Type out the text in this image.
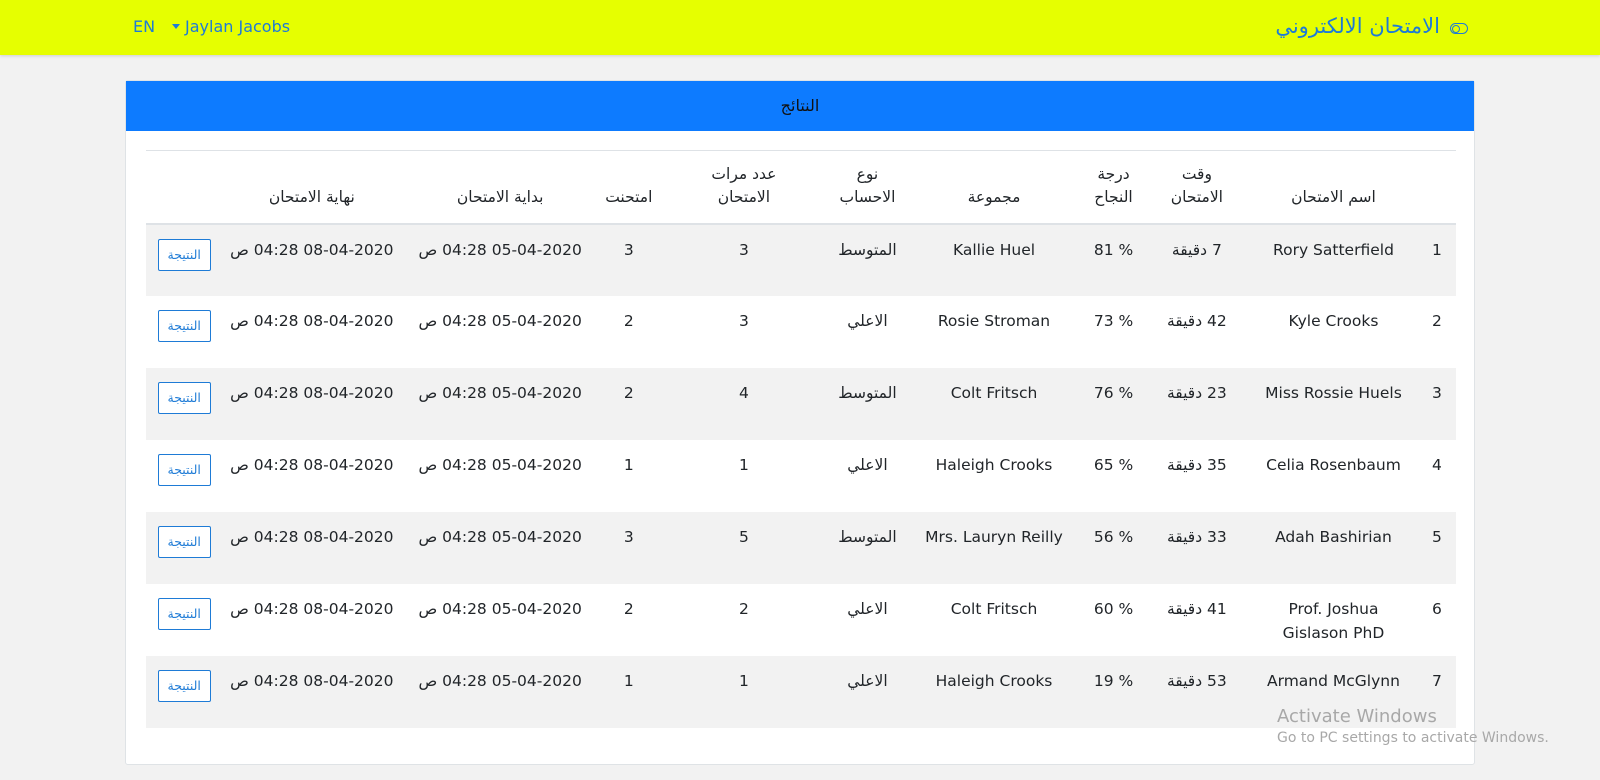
EN Jaylan Jacobs	الامتحان الالكتروني
النتائج
	اسم الامتحان	وقت الامتحان	درجة النجاح	مجموعة	نوع الاحساب	عدد مرات الامتحان	امتحنت	بداية الامتحان	نهاية الامتحان	
1	Rory Satterfield	7 دقيقة	% 81	Kallie Huel	المتوسط	3	3	05-04-2020 04:28 ص	08-04-2020 04:28 ص	النتيجة
2	Kyle Crooks	42 دقيقة	% 73	Rosie Stroman	الاعلي	3	2	05-04-2020 04:28 ص	08-04-2020 04:28 ص	النتيجة
3	Miss Rossie Huels	23 دقيقة	% 76	Colt Fritsch	المتوسط	4	2	05-04-2020 04:28 ص	08-04-2020 04:28 ص	النتيجة
4	Celia Rosenbaum	35 دقيقة	% 65	Haleigh Crooks	الاعلي	1	1	05-04-2020 04:28 ص	08-04-2020 04:28 ص	النتيجة
5	Adah Bashirian	33 دقيقة	% 56	Mrs. Lauryn Reilly	المتوسط	5	3	05-04-2020 04:28 ص	08-04-2020 04:28 ص	النتيجة
6	Prof. Joshua Gislason PhD	41 دقيقة	% 60	Colt Fritsch	الاعلي	2	2	05-04-2020 04:28 ص	08-04-2020 04:28 ص	النتيجة
7	Armand McGlynn	53 دقيقة	% 19	Haleigh Crooks	الاعلي	1	1	05-04-2020 04:28 ص	08-04-2020 04:28 ص	النتيجة
Activate Windows
Go to PC settings to activate Windows.
